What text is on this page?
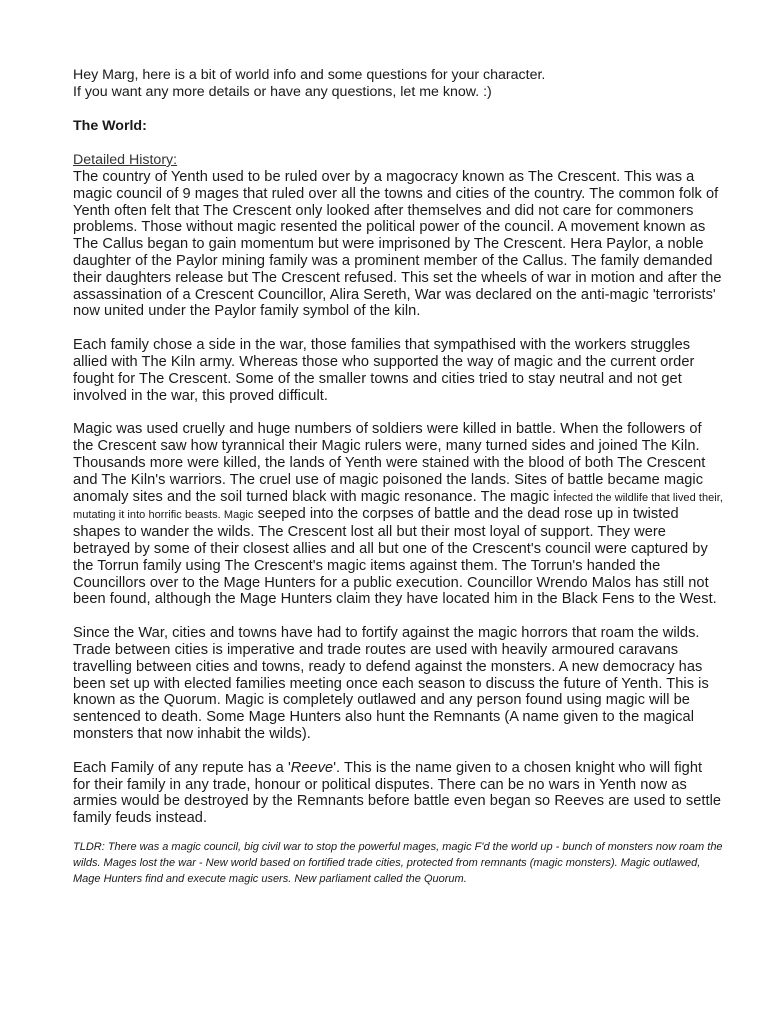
Hey Marg, here is a bit of world info and some questions for your character.
If you want any more details or have any questions, let me know. :)

The World:

Detailed History:

The country of Yenth used to be ruled over by a magocracy known as The Crescent. This was a magic council of 9 mages that ruled over all the towns and cities of the country. The common folk of Yenth often felt that The Crescent only looked after themselves and did not care for commoners problems. Those without magic resented the political power of the council. A movement known as The Callus began to gain momentum but were imprisoned by The Crescent. Hera Paylor, a noble daughter of the Paylor mining family was a prominent member of the Callus. The family demanded their daughters release but The Crescent refused. This set the wheels of war in motion and after the assassination of a Crescent Councillor, Alira Sereth, War was declared on the anti-magic 'terrorists' now united under the Paylor family symbol of the kiln.

Each family chose a side in the war, those families that sympathised with the workers struggles allied with The Kiln army. Whereas those who supported the way of magic and the current order fought for The Crescent. Some of the smaller towns and cities tried to stay neutral and not get involved in the war, this proved difficult.

Magic was used cruelly and huge numbers of soldiers were killed in battle. When the followers of the Crescent saw how tyrannical their Magic rulers were, many turned sides and joined The Kiln. Thousands more were killed, the lands of Yenth were stained with the blood of both The Crescent and The Kiln's warriors. The cruel use of magic poisoned the lands. Sites of battle became magic anomaly sites and the soil turned black with magic resonance. The magic infected the wildlife that lived their, mutating it into horrific beasts. Magic seeped into the corpses of battle and the dead rose up in twisted shapes to wander the wilds. The Crescent lost all but their most loyal of support. They were betrayed by some of their closest allies and all but one of the Crescent's council were captured by the Torrun family using The Crescent's magic items against them. The Torrun's handed the Councillors over to the Mage Hunters for a public execution. Councillor Wrendo Malos has still not been found, although the Mage Hunters claim they have located him in the Black Fens to the West.

Since the War, cities and towns have had to fortify against the magic horrors that roam the wilds. Trade between cities is imperative and trade routes are used with heavily armoured caravans travelling between cities and towns, ready to defend against the monsters. A new democracy has been set up with elected families meeting once each season to discuss the future of Yenth. This is known as the Quorum. Magic is completely outlawed and any person found using magic will be sentenced to death. Some Mage Hunters also hunt the Remnants (A name given to the magical monsters that now inhabit the wilds).

Each Family of any repute has a 'Reeve'. This is the name given to a chosen knight who will fight for their family in any trade, honour or political disputes. There can be no wars in Yenth now as armies would be destroyed by the Remnants before battle even began so Reeves are used to settle family feuds instead.

TLDR: There was a magic council, big civil war to stop the powerful mages, magic F'd the world up - bunch of monsters now roam the wilds. Mages lost the war - New world based on fortified trade cities, protected from remnants (magic monsters). Magic outlawed, Mage Hunters find and execute magic users. New parliament called the Quorum.
